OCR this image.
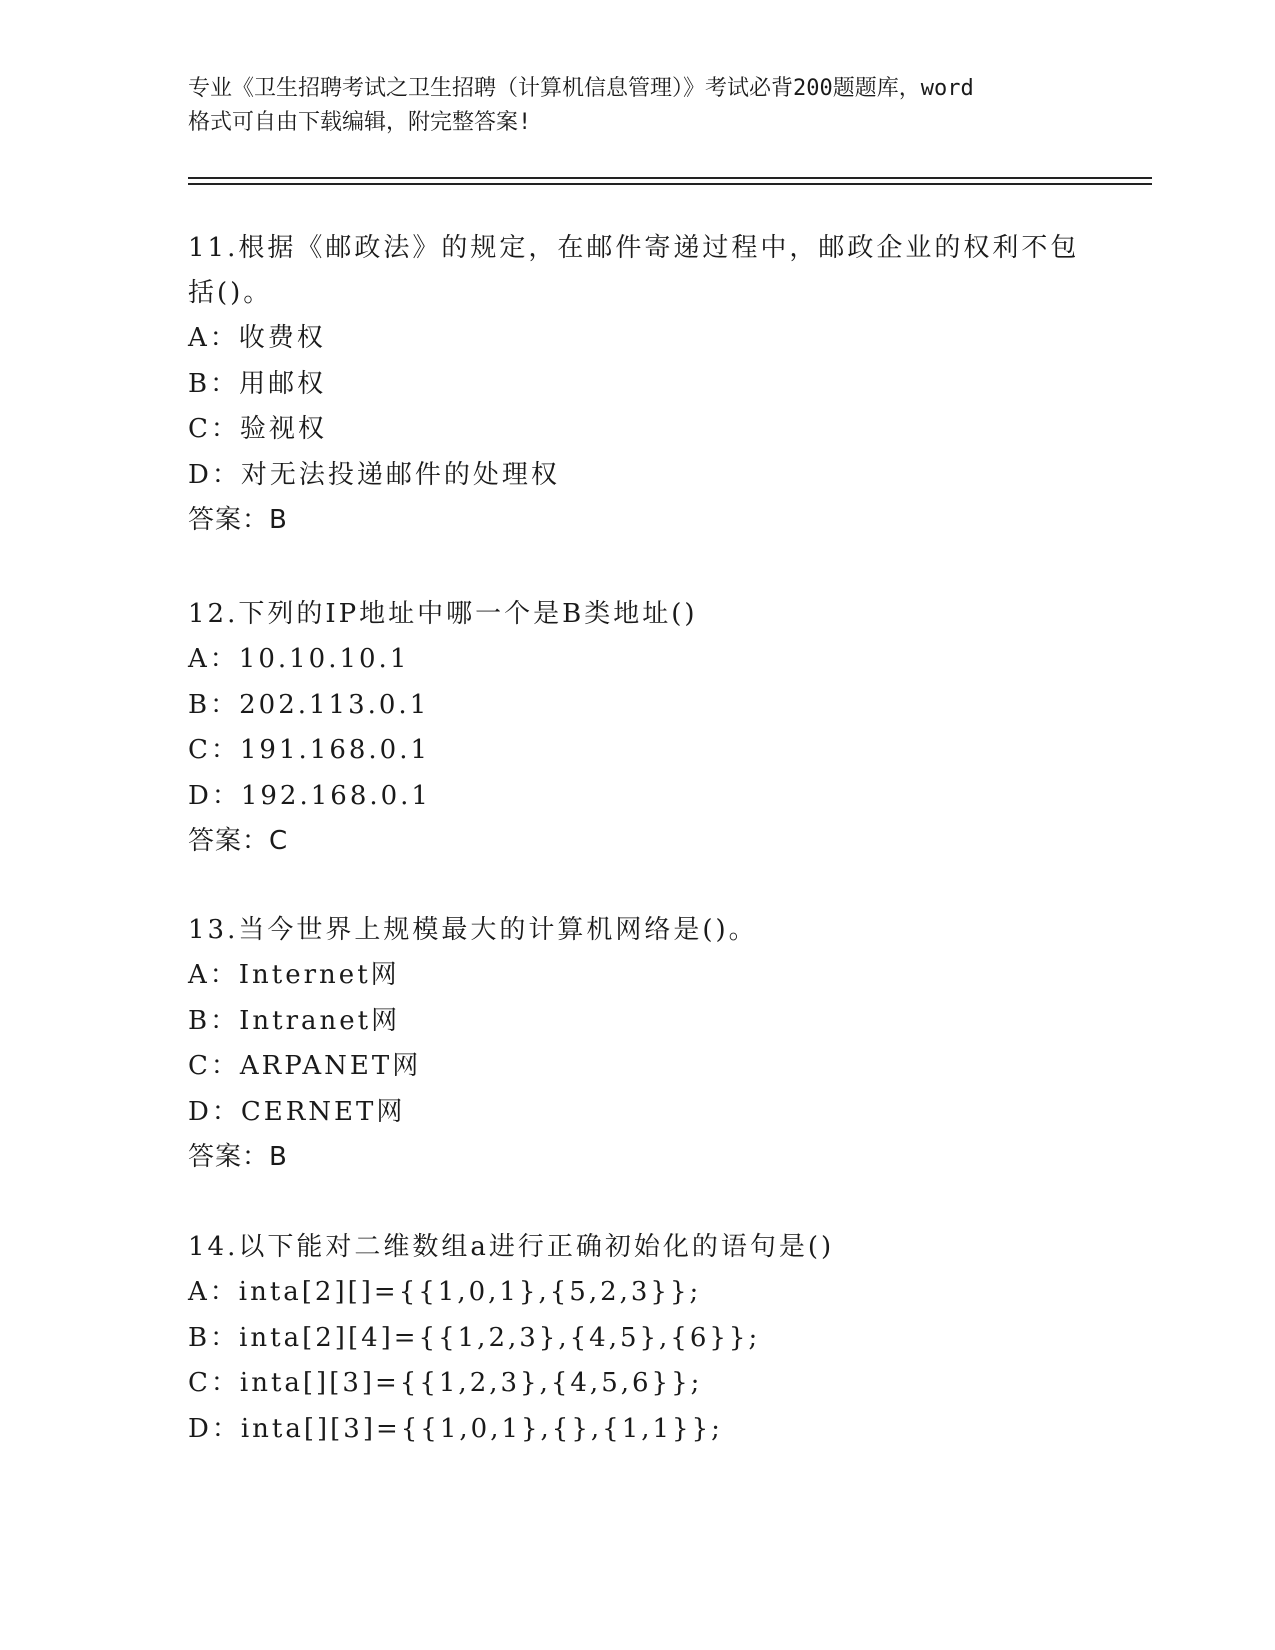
专业《卫生招聘考试之卫生招聘（计算机信息管理）》考试必背200题题库，word
格式可自由下载编辑，附完整答案!
11.根据《邮政法》的规定，在邮件寄递过程中，邮政企业的权利不包
括()。
A：收费权
B：用邮权
C：验视权
D：对无法投递邮件的处理权
答案：B
12.下列的IP地址中哪一个是B类地址()
A：10.10.10.1
B：202.113.0.1
C：191.168.0.1
D：192.168.0.1
答案：C
13.当今世界上规模最大的计算机网络是()。
A：Internet网
B：Intranet网
C：ARPANET网
D：CERNET网
答案：B
14.以下能对二维数组a进行正确初始化的语句是()
A：inta[2][]={{1,0,1},{5,2,3}};
B：inta[2][4]={{1,2,3},{4,5},{6}};
C：inta[][3]={{1,2,3},{4,5,6}};
D：inta[][3]={{1,0,1},{},{1,1}};
